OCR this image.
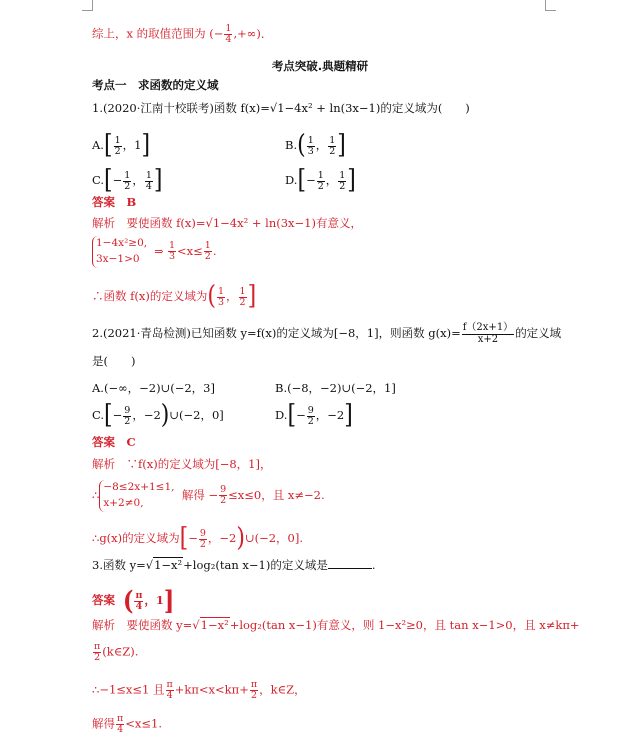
综上，x 的取值范围为 (− $\frac{1}{4}$ ,+∞)．
考点突破.典题精研
考点一　求函数的定义域
1.(2020·江南十校联考)函数 f(x)=√1−4x² + ln(3x−1)的定义域为(　　)
$A.[ \frac{1}{2}$ ，1]	$B.( \frac{1}{3}$ ， $\frac{1}{2}$ ]
$C.[- \frac{1}{2}$ ， $\frac{1}{4}$ ]	$D.[- \frac{1}{2}$ ， $\frac{1}{2}$ ]
答案　B
解析　要使函数 f(x)=√1−4x² + ln(3x−1)有意义，
1−4x²≥0,
3x−1>0  ⇒ $\frac{1}{3} <x\le \frac{1}{2}$ .
∴函数 f(x)的定义域为( $\frac{1}{3}$ ， $\frac{1}{2}$ ]
2.(2021·青岛检测)已知函数 y=f(x)的定义域为[−8，1]，则函数 $g(x)= \frac{f(2x+1)}{x+2}$ 的定义域
是(　　)
A.(−∞，−2)∪(−2，3]	B.(−8，−2)∪(−2，1]
$C.[- \frac{9}{2}$ ，−2)∪(−2，0]	$D.[- \frac{9}{2}$ ，−2]
答案　C
解析　∵f(x)的定义域为[−8，1]，
∴−8≤2x+1≤1,
x+2≠0,  解得 − $\frac{9}{2} \le x\le 0$，且 x≠−2.
∴g(x)的定义域为[− $\frac{9}{2}$ ，−2)∪(−2，0].
3.函数 y=√1−x²+log₂(tan x−1)的定义域是	.
答案 ( $\frac{\pi}{4}$ ，1]
解析　要使函数 y=√1−x²+log₂(tan x−1)有意义，则 1−x²≥0，且 tan x−1>0，且 x≠kπ+
$\frac{\pi}{2}$ (k∈Z).
∴−1≤x≤1 且 $\frac{\pi}{4} +k\pi<x<k\pi+ \frac{\pi}{2}$ ，k∈Z，
解得 $\frac{\pi}{4} <x\le 1$.
